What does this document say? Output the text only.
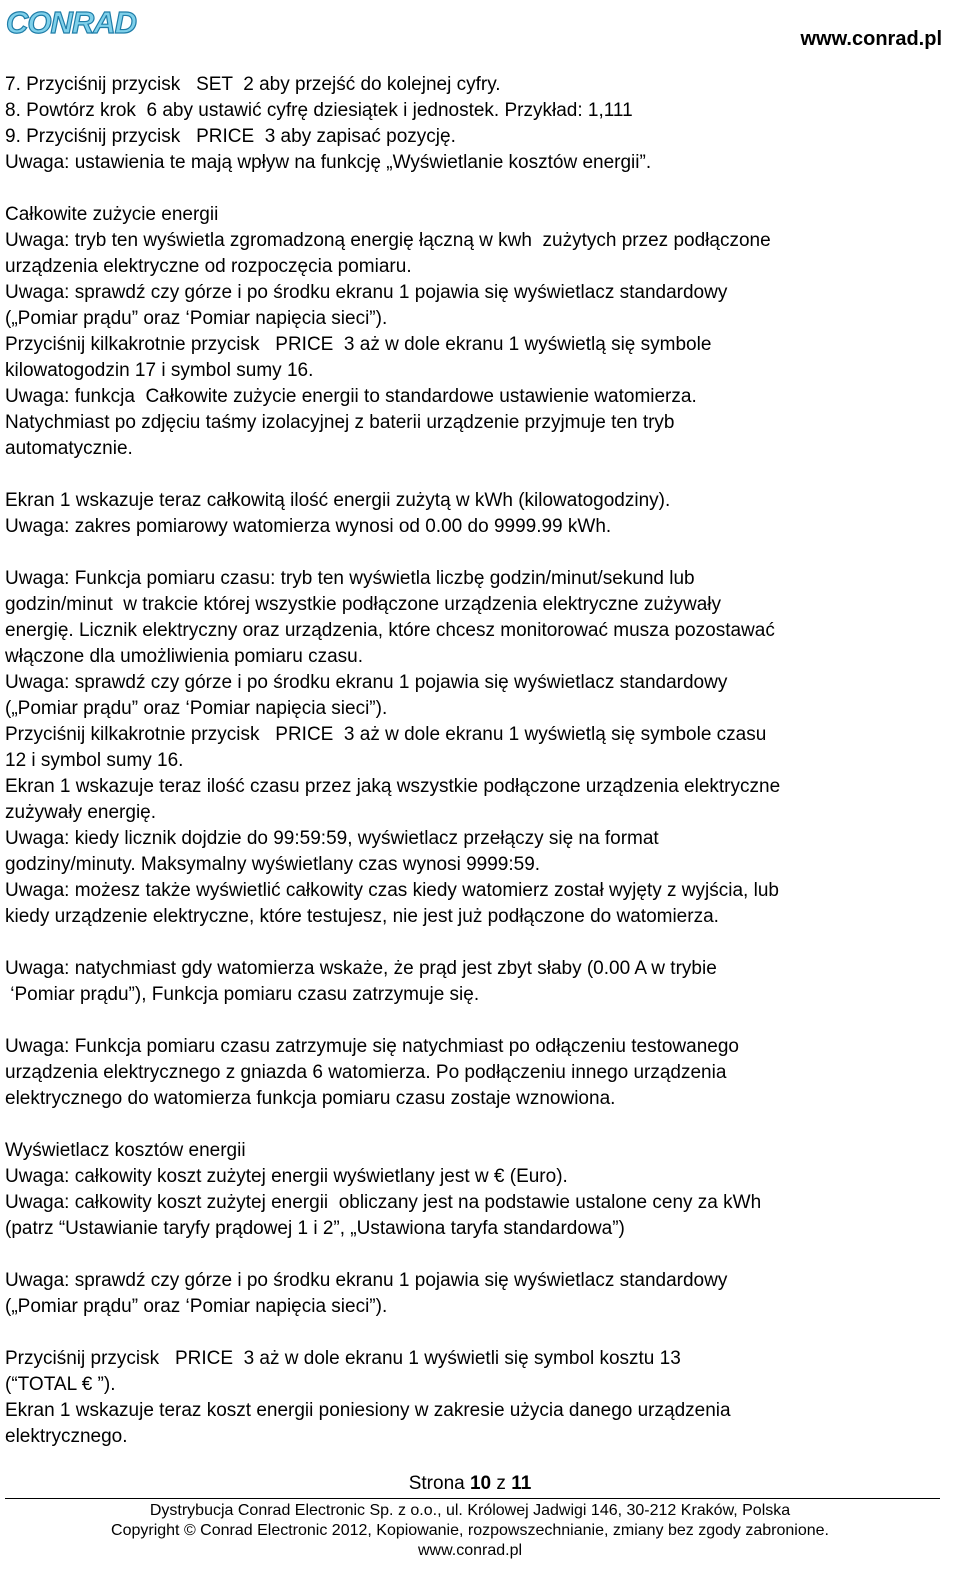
CONRAD	www.conrad.pl

7. Przyciśnij przycisk   SET  2 aby przejść do kolejnej cyfry.

8. Powtórz krok  6 aby ustawić cyfrę dziesiątek i jednostek. Przykład: 1,111

9. Przyciśnij przycisk   PRICE  3 aby zapisać pozycję.

Uwaga: ustawienia te mają wpływ na funkcję „Wyświetlanie kosztów energii”.

Całkowite zużycie energii

Uwaga: tryb ten wyświetla zgromadzoną energię łączną w kwh  zużytych przez podłączone

urządzenia elektryczne od rozpoczęcia pomiaru.

Uwaga: sprawdź czy górze i po środku ekranu 1 pojawia się wyświetlacz standardowy

(„Pomiar prądu” oraz ‘Pomiar napięcia sieci”).

Przyciśnij kilkakrotnie przycisk   PRICE  3 aż w dole ekranu 1 wyświetlą się symbole

kilowatogodzin 17 i symbol sumy 16.

Uwaga: funkcja  Całkowite zużycie energii to standardowe ustawienie watomierza.

Natychmiast po zdjęciu taśmy izolacyjnej z baterii urządzenie przyjmuje ten tryb

automatycznie.

Ekran 1 wskazuje teraz całkowitą ilość energii zużytą w kWh (kilowatogodziny).

Uwaga: zakres pomiarowy watomierza wynosi od 0.00 do 9999.99 kWh.

Uwaga: Funkcja pomiaru czasu: tryb ten wyświetla liczbę godzin/minut/sekund lub

godzin/minut  w trakcie której wszystkie podłączone urządzenia elektryczne zużywały

energię. Licznik elektryczny oraz urządzenia, które chcesz monitorować musza pozostawać

włączone dla umożliwienia pomiaru czasu.

Uwaga: sprawdź czy górze i po środku ekranu 1 pojawia się wyświetlacz standardowy

(„Pomiar prądu” oraz ‘Pomiar napięcia sieci”).

Przyciśnij kilkakrotnie przycisk   PRICE  3 aż w dole ekranu 1 wyświetlą się symbole czasu

12 i symbol sumy 16.

Ekran 1 wskazuje teraz ilość czasu przez jaką wszystkie podłączone urządzenia elektryczne

zużywały energię.

Uwaga: kiedy licznik dojdzie do 99:59:59, wyświetlacz przełączy się na format

godziny/minuty. Maksymalny wyświetlany czas wynosi 9999:59.

Uwaga: możesz także wyświetlić całkowity czas kiedy watomierz został wyjęty z wyjścia, lub

kiedy urządzenie elektryczne, które testujesz, nie jest już podłączone do watomierza.

Uwaga: natychmiast gdy watomierza wskaże, że prąd jest zbyt słaby (0.00 A w trybie

‘Pomiar prądu”), Funkcja pomiaru czasu zatrzymuje się.

Uwaga: Funkcja pomiaru czasu zatrzymuje się natychmiast po odłączeniu testowanego

urządzenia elektrycznego z gniazda 6 watomierza. Po podłączeniu innego urządzenia

elektrycznego do watomierza funkcja pomiaru czasu zostaje wznowiona.

Wyświetlacz kosztów energii

Uwaga: całkowity koszt zużytej energii wyświetlany jest w € (Euro).

Uwaga: całkowity koszt zużytej energii  obliczany jest na podstawie ustalone ceny za kWh

(patrz “Ustawianie taryfy prądowej 1 i 2”, „Ustawiona taryfa standardowa”)

Uwaga: sprawdź czy górze i po środku ekranu 1 pojawia się wyświetlacz standardowy

(„Pomiar prądu” oraz ‘Pomiar napięcia sieci”).

Przyciśnij przycisk   PRICE  3 aż w dole ekranu 1 wyświetli się symbol kosztu 13

(“TOTAL € ”).

Ekran 1 wskazuje teraz koszt energii poniesiony w zakresie użycia danego urządzenia

elektrycznego.

Strona 10 z 11
Dystrybucja Conrad Electronic Sp. z o.o., ul. Królowej Jadwigi 146, 30-212 Kraków, Polska
Copyright © Conrad Electronic 2012, Kopiowanie, rozpowszechnianie, zmiany bez zgody zabronione.
www.conrad.pl
